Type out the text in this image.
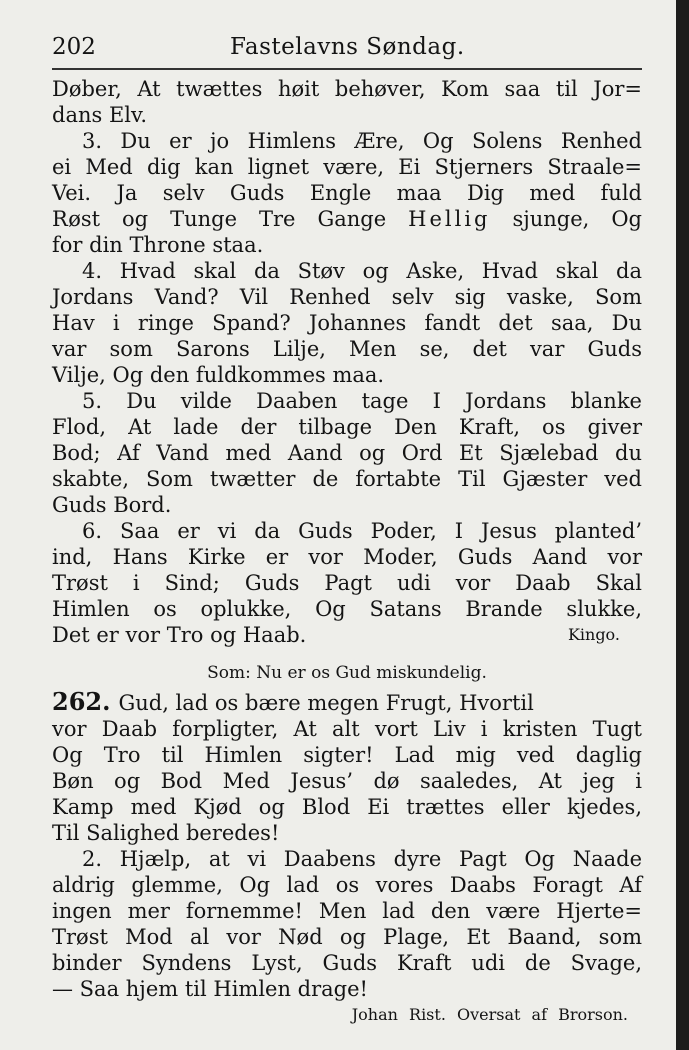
202	Fastelavns Søndag.
Døber, At twættes høit behøver, Kom saa til Jor=
dans Elv.
3. Du er jo Himlens Ære, Og Solens Renhed
ei Med dig kan lignet være, Ei Stjerners Straale=
Vei. Ja selv Guds Engle maa Dig med fuld
Røst og Tunge Tre Gange Hellig sjunge, Og
for din Throne staa.
4. Hvad skal da Støv og Aske, Hvad skal da
Jordans Vand? Vil Renhed selv sig vaske, Som
Hav i ringe Spand? Johannes fandt det saa, Du
var som Sarons Lilje, Men se, det var Guds
Vilje, Og den fuldkommes maa.
5. Du vilde Daaben tage I Jordans blanke
Flod, At lade der tilbage Den Kraft, os giver
Bod; Af Vand med Aand og Ord Et Sjælebad du
skabte, Som twætter de fortabte Til Gjæster ved
Guds Bord.
6. Saa er vi da Guds Poder, I Jesus planted’
ind, Hans Kirke er vor Moder, Guds Aand vor
Trøst i Sind; Guds Pagt udi vor Daab Skal
Himlen os oplukke, Og Satans Brande slukke,
Det er vor Tro og Haab.	Kingo.
Som: Nu er os Gud miskundelig.
262. Gud, lad os bære megen Frugt, Hvortil
vor Daab forpligter, At alt vort Liv i kristen Tugt
Og Tro til Himlen sigter! Lad mig ved daglig
Bøn og Bod Med Jesus’ dø saaledes, At jeg i
Kamp med Kjød og Blod Ei trættes eller kjedes,
Til Salighed beredes!
2. Hjælp, at vi Daabens dyre Pagt Og Naade
aldrig glemme, Og lad os vores Daabs Foragt Af
ingen mer fornemme! Men lad den være Hjerte=
Trøst Mod al vor Nød og Plage, Et Baand, som
binder Syndens Lyst, Guds Kraft udi de Svage,
— Saa hjem til Himlen drage!
Johan Rist. Oversat af Brorson.
